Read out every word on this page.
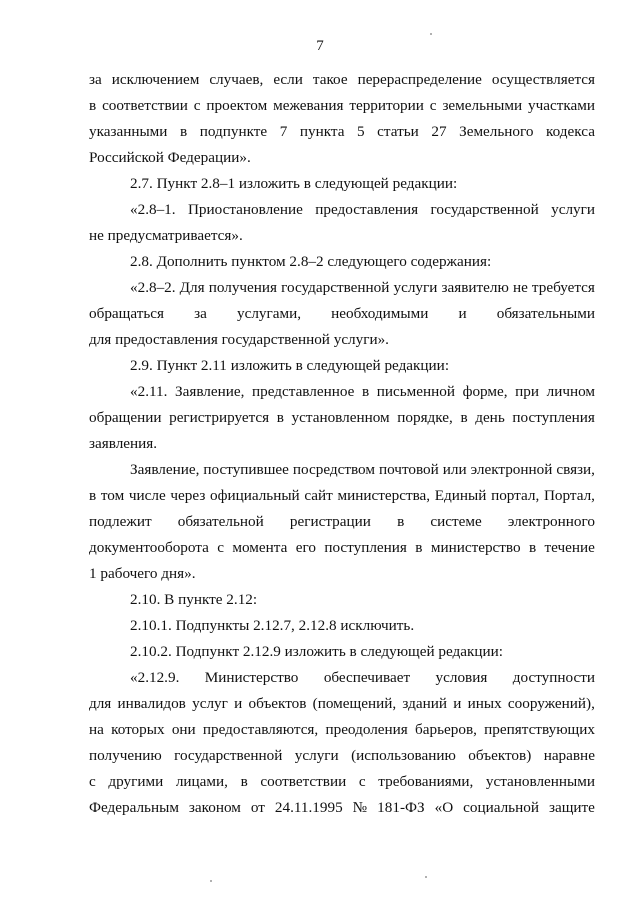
7
за исключением случаев, если такое перераспределение осуществляется
в соответствии с проектом межевания территории с земельными участками
указанными в подпункте 7 пункта 5 статьи 27 Земельного кодекса
Российской Федерации».
2.7. Пункт 2.8–1 изложить в следующей редакции:
«2.8–1. Приостановление предоставления государственной услуги
не предусматривается».
2.8. Дополнить пунктом 2.8–2 следующего содержания:
«2.8–2. Для получения государственной услуги заявителю не требуется
обращаться за услугами, необходимыми и обязательными
для предоставления государственной услуги».
2.9. Пункт 2.11 изложить в следующей редакции:
«2.11. Заявление, представленное в письменной форме, при личном
обращении регистрируется в установленном порядке, в день поступления
заявления.
Заявление, поступившее посредством почтовой или электронной связи,
в том числе через официальный сайт министерства, Единый портал, Портал,
подлежит обязательной регистрации в системе электронного
документооборота с момента его поступления в министерство в течение
1 рабочего дня».
2.10. В пункте 2.12:
2.10.1. Подпункты 2.12.7, 2.12.8 исключить.
2.10.2. Подпункт 2.12.9 изложить в следующей редакции:
«2.12.9. Министерство обеспечивает условия доступности
для инвалидов услуг и объектов (помещений, зданий и иных сооружений),
на которых они предоставляются, преодоления барьеров, препятствующих
получению государственной услуги (использованию объектов) наравне
с другими лицами, в соответствии с требованиями, установленными
Федеральным законом от 24.11.1995 № 181-ФЗ «О социальной защите
